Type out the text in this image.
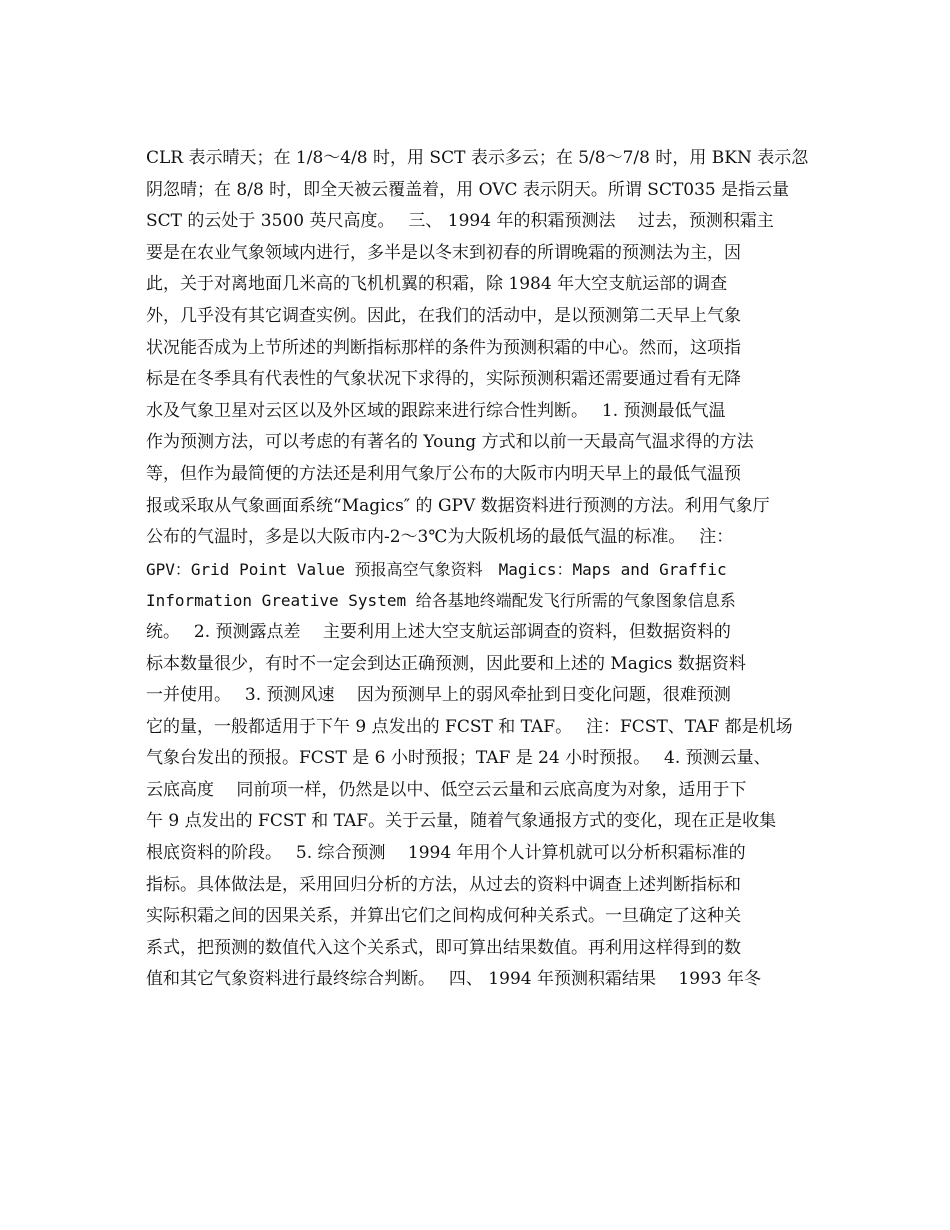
CLR 表示晴天；在 1/8～4/8 时，用 SCT 表示多云；在 5/8～7/8 时，用 BKN 表示忽
阴忽晴；在 8/8 时，即全天被云覆盖着，用 OVC 表示阴天。所谓 SCT035 是指云量
SCT 的云处于 3500 英尺高度。　 三、 1994 年的积霜预测法　 过去，预测积霜主
要是在农业气象领域内进行，多半是以冬末到初春的所谓晚霜的预测法为主，因
此，关于对离地面几米高的飞机机翼的积霜，除 1984 年大空支航运部的调查
外，几乎没有其它调查实例。因此，在我们的活动中，是以预测第二天早上气象
状况能否成为上节所述的判断指标那样的条件为预测积霜的中心。然而，这项指
标是在冬季具有代表性的气象状况下求得的，实际预测积霜还需要通过看有无降
水及气象卫星对云区以及外区域的跟踪来进行综合性判断。　 1. 预测最低气温
作为预测方法，可以考虑的有著名的 Young 方式和以前一天最高气温求得的方法
等，但作为最简便的方法还是利用气象厅公布的大阪市内明天早上的最低气温预
报或采取从气象画面系统“Magics″ 的 GPV 数据资料进行预测的方法。利用气象厅
公布的气温时，多是以大阪市内-2～3℃为大阪机场的最低气温的标准。　 注：
GPV：Grid Point Value 预报高空气象资料　Magics：Maps and Graffic
Information Greative System 给各基地终端配发飞行所需的气象图象信息系
统。　 2. 预测露点差　 主要利用上述大空支航运部调查的资料，但数据资料的
标本数量很少，有时不一定会到达正确预测，因此要和上述的 Magics 数据资料
一并使用。　 3. 预测风速　 因为预测早上的弱风牵扯到日变化问题，很难预测
它的量，一般都适用于下午 9 点发出的 FCST 和 TAF。　 注：FCST、TAF 都是机场
气象台发出的预报。FCST 是 6 小时预报；TAF 是 24 小时预报。　 4. 预测云量、
云底高度　 同前项一样，仍然是以中、低空云云量和云底高度为对象，适用于下
午 9 点发出的 FCST 和 TAF。关于云量，随着气象通报方式的变化，现在正是收集
根底资料的阶段。　 5. 综合预测　 1994 年用个人计算机就可以分析积霜标准的
指标。具体做法是，采用回归分析的方法，从过去的资料中调查上述判断指标和
实际积霜之间的因果关系，并算出它们之间构成何种关系式。一旦确定了这种关
系式，把预测的数值代入这个关系式，即可算出结果数值。再利用这样得到的数
值和其它气象资料进行最终综合判断。　 四、 1994 年预测积霜结果　 1993 年冬
